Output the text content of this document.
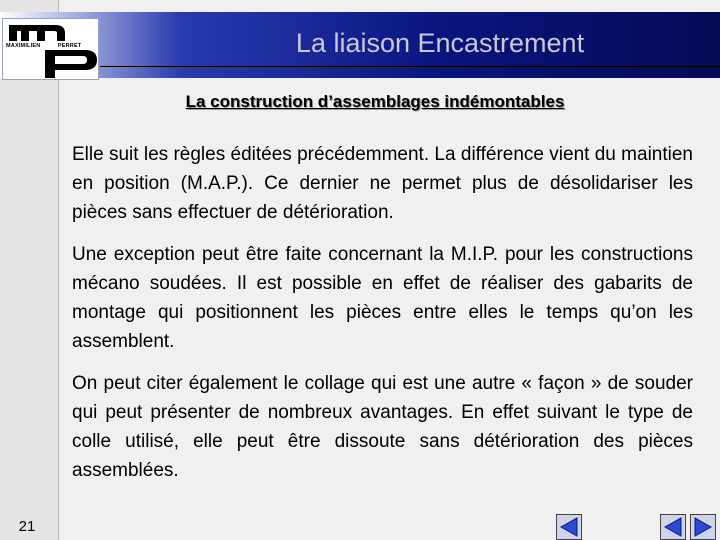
MAXIMILIEN	PERRET	La liaison Encastrement
La construction d’assemblages indémontables

Elle suit les règles éditées précédemment. La différence vient du maintien en position (M.A.P.). Ce dernier ne permet plus de désolidariser les pièces sans effectuer de détérioration.

Une exception peut être faite concernant la M.I.P. pour les constructions mécano soudées. Il est possible en effet de réaliser des gabarits de montage qui positionnent les pièces entre elles le temps qu’on les assemblent.

On peut citer également le collage qui est une autre « façon » de souder qui peut présenter de nombreux avantages. En effet suivant le type de colle utilisé, elle peut être dissoute sans détérioration des pièces assemblées.

21
